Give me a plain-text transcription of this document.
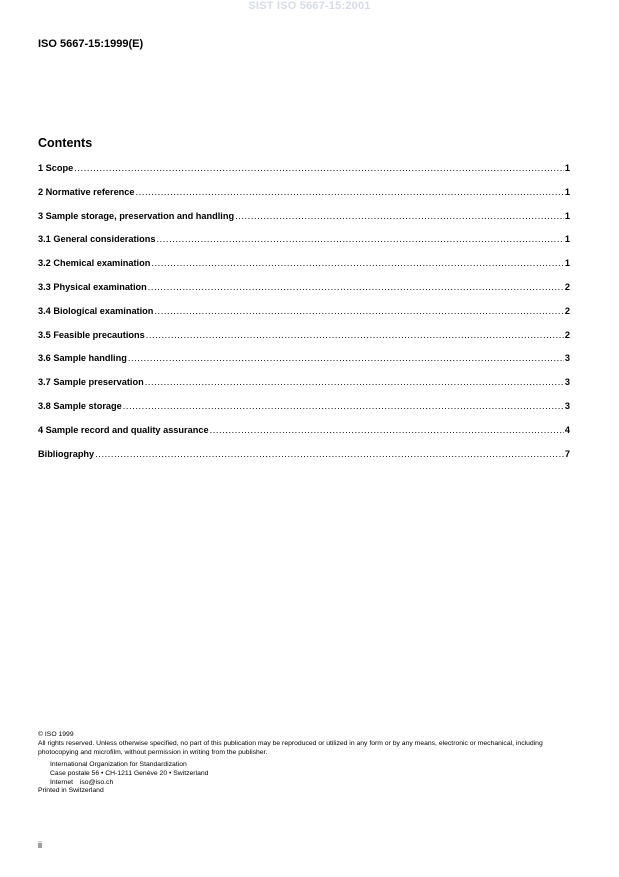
SIST ISO 5667-15:2001
ISO 5667-15:1999(E)
Contents
1 Scope .....	1
2 Normative reference .....	1
3 Sample storage, preservation and handling .....	1
3.1 General considerations .....	1
3.2 Chemical examination .....	1
3.3 Physical examination .....	2
3.4 Biological examination .....	2
3.5 Feasible precautions .....	2
3.6 Sample handling .....	3
3.7 Sample preservation .....	3
3.8 Sample storage .....	3
4 Sample record and quality assurance .....	4
Bibliography .....	7

© ISO 1999

All rights reserved. Unless otherwise specified, no part of this publication may be reproduced or utilized in any form or by any means, electronic or mechanical, including photocopying and microfilm, without permission in writing from the publisher.

International Organization for Standardization

Case postale 56 • CH-1211 Genève 20 • Switzerland

Internet iso@iso.ch

Printed in Switzerland

ii
